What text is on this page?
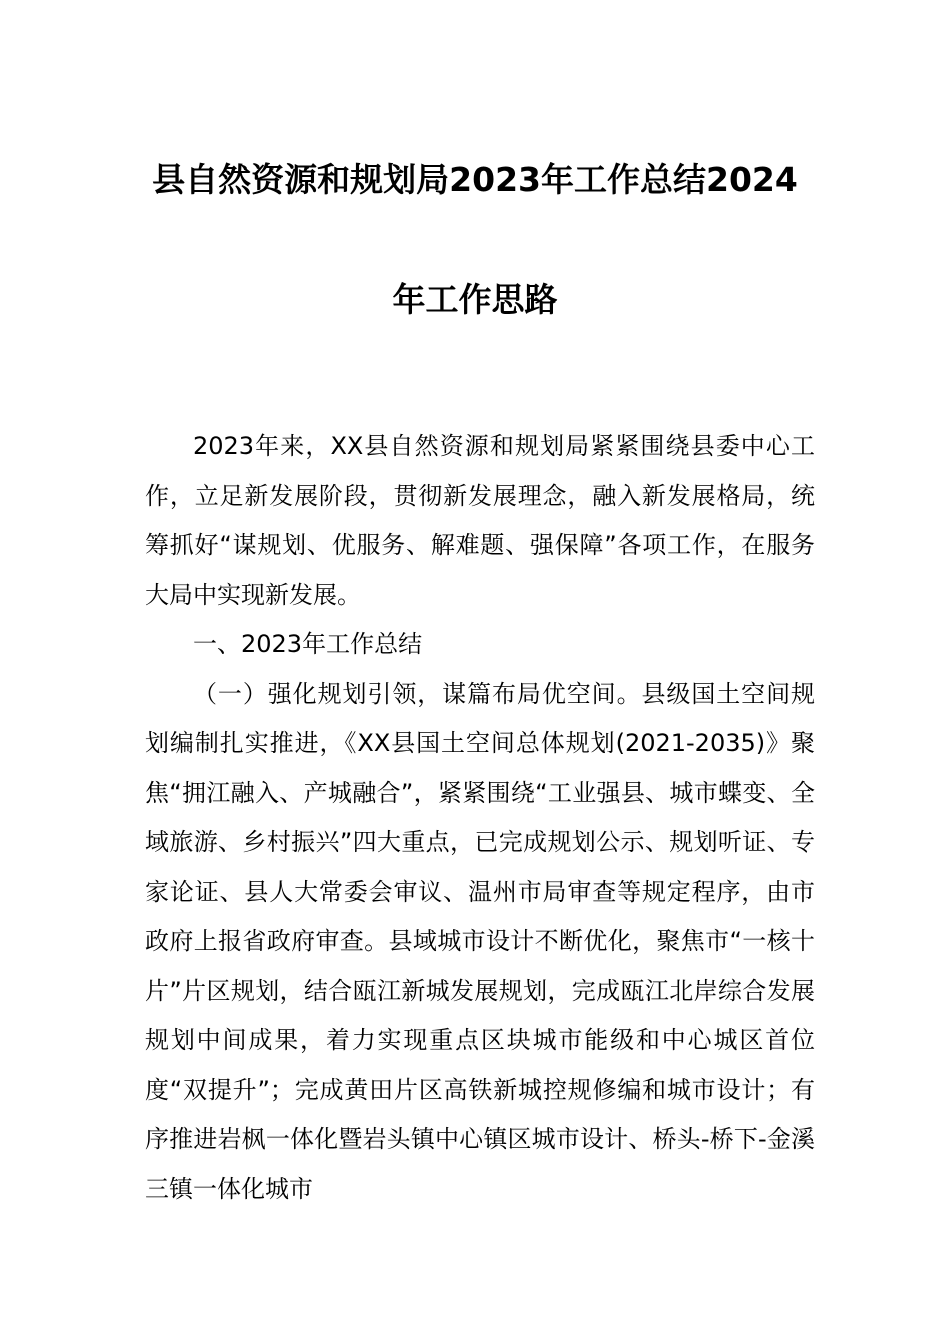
县自然资源和规划局2023年工作总结2024
年工作思路

2023年来，XX县自然资源和规划局紧紧围绕县委中心工作，立足新发展阶段，贯彻新发展理念，融入新发展格局，统筹抓好“谋规划、优服务、解难题、强保障”各项工作，在服务大局中实现新发展。

一、2023年工作总结

（一）强化规划引领，谋篇布局优空间。县级国土空间规划编制扎实推进，《XX县国土空间总体规划(2021-2035)》聚焦“拥江融入、产城融合”，紧紧围绕“工业强县、城市蝶变、全域旅游、乡村振兴”四大重点，已完成规划公示、规划听证、专家论证、县人大常委会审议、温州市局审查等规定程序，由市政府上报省政府审查。县域城市设计不断优化，聚焦市“一核十片”片区规划，结合瓯江新城发展规划，完成瓯江北岸综合发展规划中间成果，着力实现重点区块城市能级和中心城区首位度“双提升”；完成黄田片区高铁新城控规修编和城市设计；有序推进岩枫一体化暨岩头镇中心镇区城市设计、桥头-桥下-金溪三镇一体化城市
